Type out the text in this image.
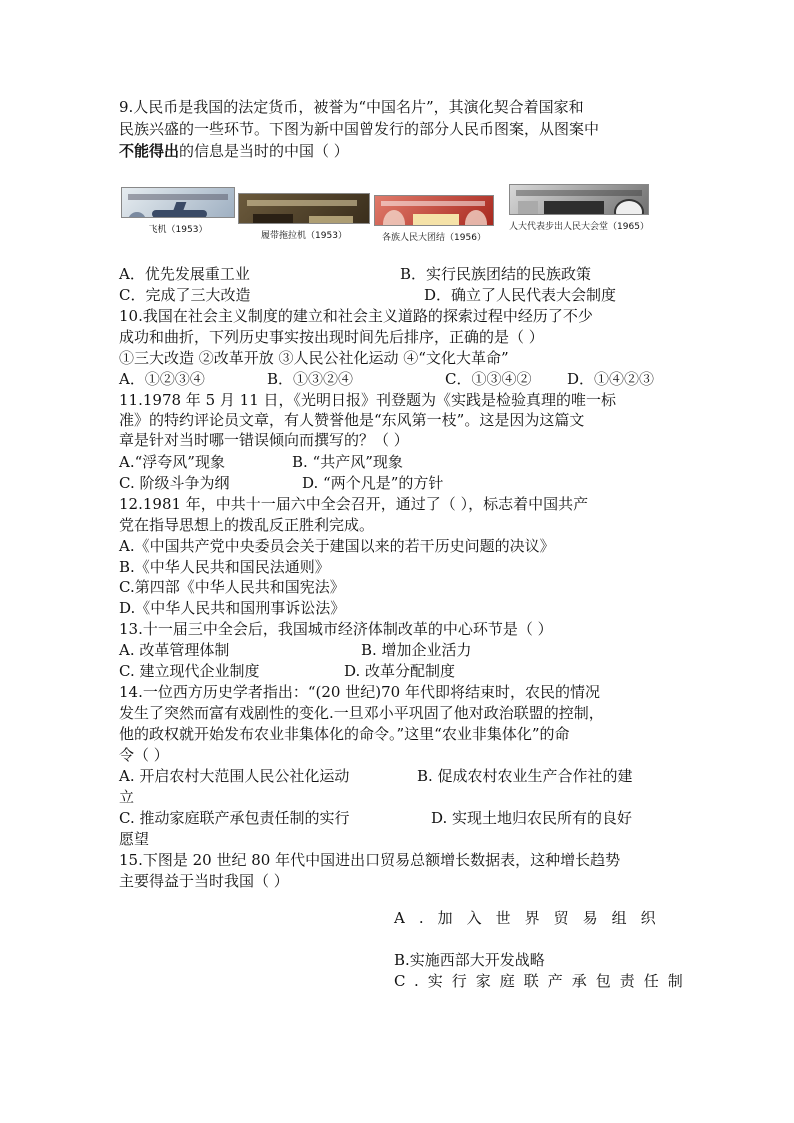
9.人民币是我国的法定货币，被誉为“中国名片”，其演化契合着国家和
民族兴盛的一些环节。下图为新中国曾发行的部分人民币图案，从图案中
不能得出的信息是当时的中国（ ）
飞机（1953）
履带拖拉机（1953）	各族人民大团结（1956）
人大代表步出人民大会堂（1965）
A．优先发展重工业	B．实行民族团结的民族政策
C．完成了三大改造	D．确立了人民代表大会制度
10.我国在社会主义制度的建立和社会主义道路的探索过程中经历了不少
成功和曲折，下列历史事实按出现时间先后排序，正确的是（ ）
①三大改造 ②改革开放 ③人民公社化运动 ④“文化大革命”
A．①②③④	B．①③②④	C．①③④② D．①④②③
11.1978 年 5 月 11 日，《光明日报》刊登题为《实践是检验真理的唯一标
准》的特约评论员文章，有人赞誉他是“东风第一枝”。这是因为这篇文
章是针对当时哪一错误倾向而撰写的？（ ）
A.“浮夸风”现象	B. “共产风”现象
C. 阶级斗争为纲	D. “两个凡是”的方针
12.1981 年，中共十一届六中全会召开，通过了（ ），标志着中国共产
党在指导思想上的拨乱反正胜利完成。
A.《中国共产党中央委员会关于建国以来的若干历史问题的决议》
B.《中华人民共和国民法通则》
C.第四部《中华人民共和国宪法》
D.《中华人民共和国刑事诉讼法》
13.十一届三中全会后，我国城市经济体制改革的中心环节是（ ）
A. 改革管理体制	B. 增加企业活力
C. 建立现代企业制度	D. 改革分配制度
14.一位西方历史学者指出：“(20 世纪)70 年代即将结束时，农民的情况
发生了突然而富有戏剧性的变化.一旦邓小平巩固了他对政治联盟的控制，
他的政权就开始发布农业非集体化的命令。”这里“农业非集体化”的命
令（ ）
A. 开启农村大范围人民公社化运动	B. 促成农村农业生产合作社的建
立
C. 推动家庭联产承包责任制的实行	D. 实现土地归农民所有的良好
愿望
15.下图是 20 世纪 80 年代中国进出口贸易总额增长数据表，这种增长趋势
主要得益于当时我国（ ）
A.加入世界贸易组织
B.实施西部大开发战略
C.实行家庭联产承包责任制
